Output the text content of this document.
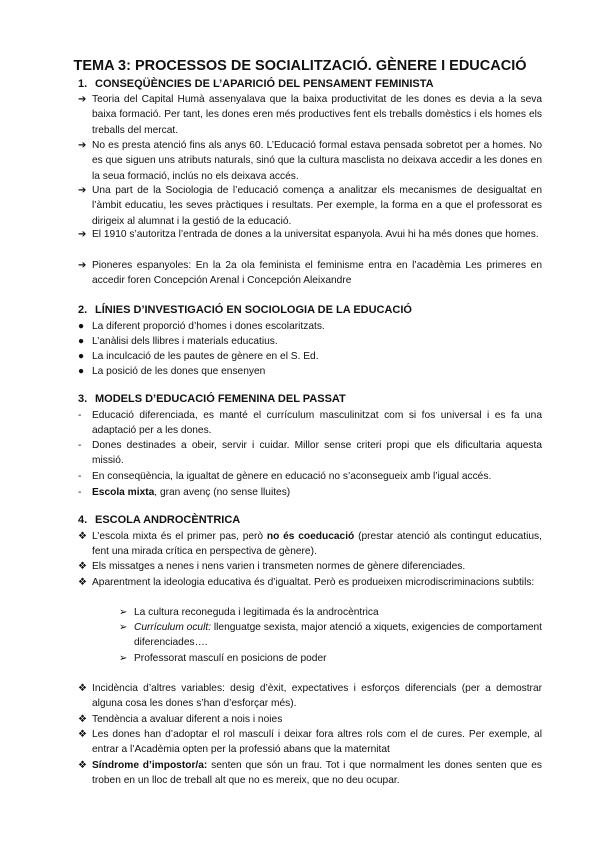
TEMA 3: PROCESSOS DE SOCIALITZACIÓ. GÈNERE I EDUCACIÓ
1. CONSEQÜÈNCIES DE L’APARICIÓ DEL PENSAMENT FEMINISTA
➔ Teoria del Capital Humà assenyalava que la baixa productivitat de les dones es devia a la seva baixa formació. Per tant, les dones eren més productives fent els treballs domèstics i els homes els treballs del mercat.
➔ No es presta atenció fins als anys 60. L’Educació formal estava pensada sobretot per a homes. No es que siguen uns atributs naturals, sinó que la cultura masclista no deixava accedir a les dones en la seua formació, inclús no els deixava accés.
➔ Una part de la Sociologia de l’educació comença a analitzar els mecanismes de desigualtat en l’àmbit educatiu, les seves pràctiques i resultats. Per exemple, la forma en a que el professorat es dirigeix al alumnat i la gestió de la educació.
➔ El 1910 s’autoritza l’entrada de dones a la universitat espanyola. Avui hi ha més dones que homes.
➔ Pioneres espanyoles: En la 2a ola feminista el feminisme entra en l’acadèmia Les primeres en accedir foren Concepción Arenal i Concepción Aleixandre
2. LÍNIES D’INVESTIGACIÓ EN SOCIOLOGIA DE LA EDUCACIÓ
● La diferent proporció d’homes i dones escolaritzats.
● L’anàlisi dels llibres i materials educatius.
● La inculcació de les pautes de gènere en el S. Ed.
● La posició de les dones que ensenyen
3. MODELS D’EDUCACIÓ FEMENINA DEL PASSAT
-	Educació diferenciada, es manté el currículum masculinitzat com si fos universal i es fa una adaptació per a les dones.
-	Dones destinades a obeir, servir i cuidar. Millor sense criteri propi que els dificultaria aquesta missió.
-	En conseqüència, la igualtat de gènere en educació no s’aconsegueix amb l’igual accés.
-	Escola mixta, gran avenç (no sense lluites)
4. ESCOLA ANDROCÈNTRICA
❖ L’escola mixta és el primer pas, però no és coeducació (prestar atenció als contingut educatius, fent una mirada crítica en perspectiva de gènere).
❖ Els missatges a nenes i nens varien i transmeten normes de gènere diferenciades.
❖ Aparentment la ideologia educativa és d’igualtat. Però es produeixen microdiscriminacions subtils:
➢ La cultura reconeguda i legitimada és la androcèntrica
➢ Currículum ocult: llenguatge sexista, major atenció a xiquets, exigencies de comportament diferenciades….
➢ Professorat masculí en posicions de poder
❖ Incidència d’altres variables: desig d’èxit, expectatives i esforços diferencials (per a demostrar alguna cosa les dones s’han d’esforçar més).
❖ Tendència a avaluar diferent a nois i noies
❖ Les dones han d’adoptar el rol masculí i deixar fora altres rols com el de cures. Per exemple, al entrar a l’Acadèmia opten per la professió abans que la maternitat
❖ Síndrome d’impostor/a: senten que són un frau. Tot i que normalment les dones senten que es troben en un lloc de treball alt que no es mereix, que no deu ocupar.
